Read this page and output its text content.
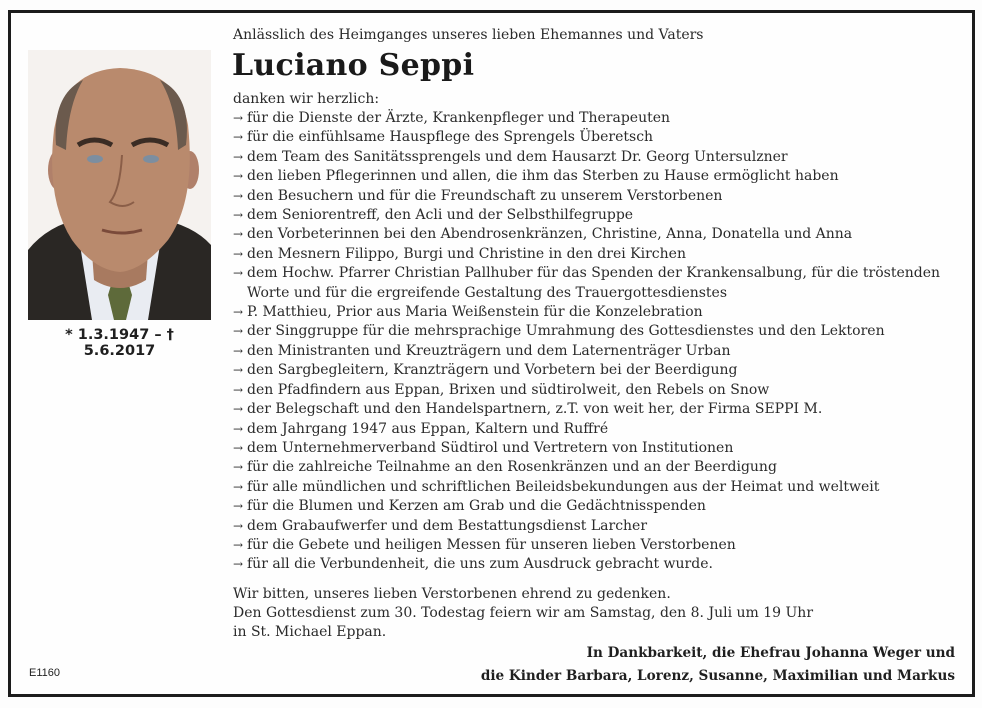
* 1.3.1947 – † 5.6.2017
Anlässlich des Heimganges unseres lieben Ehemannes und Vaters
Luciano Seppi
danken wir herzlich:
→ für die Dienste der Ärzte, Krankenpfleger und Therapeuten
→ für die einfühlsame Hauspflege des Sprengels Überetsch
→ dem Team des Sanitätssprengels und dem Hausarzt Dr. Georg Untersulzner
→ den lieben Pflegerinnen und allen, die ihm das Sterben zu Hause ermöglicht haben
→ den Besuchern und für die Freundschaft zu unserem Verstorbenen
→ dem Seniorentreff, den Acli und der Selbsthilfegruppe
→ den Vorbeterinnen bei den Abendrosenkränzen, Christine, Anna, Donatella und Anna
→ den Mesnern Filippo, Burgi und Christine in den drei Kirchen
→ dem Hochw. Pfarrer Christian Pallhuber für das Spenden der Krankensalbung, für die tröstenden
Worte und für die ergreifende Gestaltung des Trauergottesdienstes
→ P. Matthieu, Prior aus Maria Weißenstein für die Konzelebration
→ der Singgruppe für die mehrsprachige Umrahmung des Gottesdienstes und den Lektoren
→ den Ministranten und Kreuzträgern und dem Laternenträger Urban
→ den Sargbegleitern, Kranzträgern und Vorbetern bei der Beerdigung
→ den Pfadfindern aus Eppan, Brixen und südtirolweit, den Rebels on Snow
→ der Belegschaft und den Handelspartnern, z.T. von weit her, der Firma SEPPI M.
→ dem Jahrgang 1947 aus Eppan, Kaltern und Ruffré
→ dem Unternehmerverband Südtirol und Vertretern von Institutionen
→ für die zahlreiche Teilnahme an den Rosenkränzen und an der Beerdigung
→ für alle mündlichen und schriftlichen Beileidsbekundungen aus der Heimat und weltweit
→ für die Blumen und Kerzen am Grab und die Gedächtnisspenden
→ dem Grabaufwerfer und dem Bestattungsdienst Larcher
→ für die Gebete und heiligen Messen für unseren lieben Verstorbenen
→ für all die Verbundenheit, die uns zum Ausdruck gebracht wurde.

Wir bitten, unseres lieben Verstorbenen ehrend zu gedenken.

Den Gottesdienst zum 30. Todestag feiern wir am Samstag, den 8. Juli um 19 Uhr

in St. Michael Eppan.

In Dankbarkeit, die Ehefrau Johanna Weger und

die Kinder Barbara, Lorenz, Susanne, Maximilian und Markus

E1160
